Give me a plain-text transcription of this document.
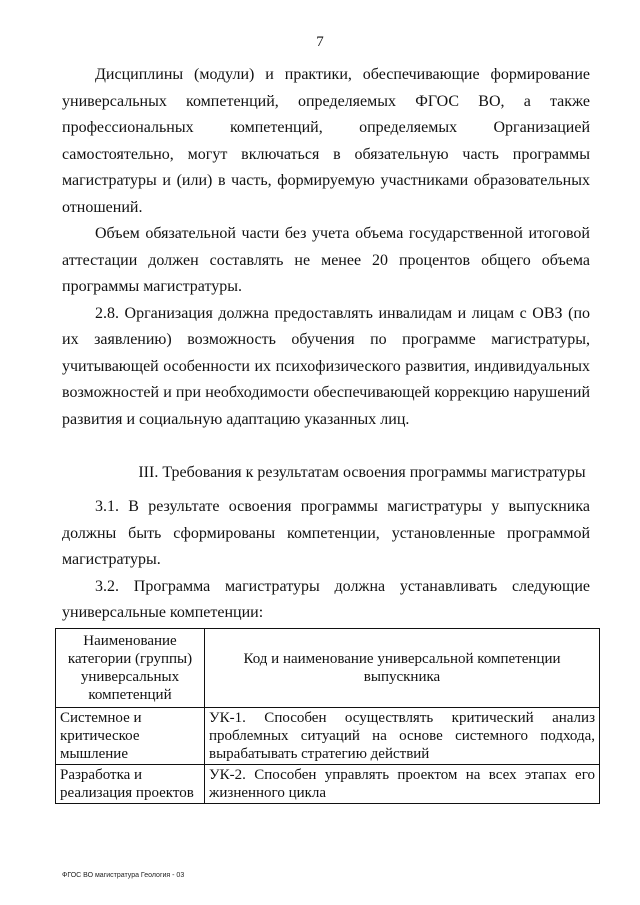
7

Дисциплины (модули) и практики, обеспечивающие формирование универсальных компетенций, определяемых ФГОС ВО, а также профессиональных компетенций, определяемых Организацией самостоятельно, могут включаться в обязательную часть программы магистратуры и (или) в часть, формируемую участниками образовательных отношений.

Объем обязательной части без учета объема государственной итоговой аттестации должен составлять не менее 20 процентов общего объема программы магистратуры.

2.8. Организация должна предоставлять инвалидам и лицам с ОВЗ (по их заявлению) возможность обучения по программе магистратуры, учитывающей особенности их психофизического развития, индивидуальных возможностей и при необходимости обеспечивающей коррекцию нарушений развития и социальную адаптацию указанных лиц.

III. Требования к результатам освоения программы магистратуры

3.1. В результате освоения программы магистратуры у выпускника должны быть сформированы компетенции, установленные программой магистратуры.

3.2. Программа магистратуры должна устанавливать следующие универсальные компетенции:

Наименование категории (группы) универсальных компетенций	Код и наименование универсальной компетенции выпускника
Системное и критическое мышление	УК-1. Способен осуществлять критический анализ проблемных ситуаций на основе системного подхода, вырабатывать стратегию действий
Разработка и реализация проектов	УК-2. Способен управлять проектом на всех этапах его жизненного цикла
ФГОС ВО магистратура Геология - 03
